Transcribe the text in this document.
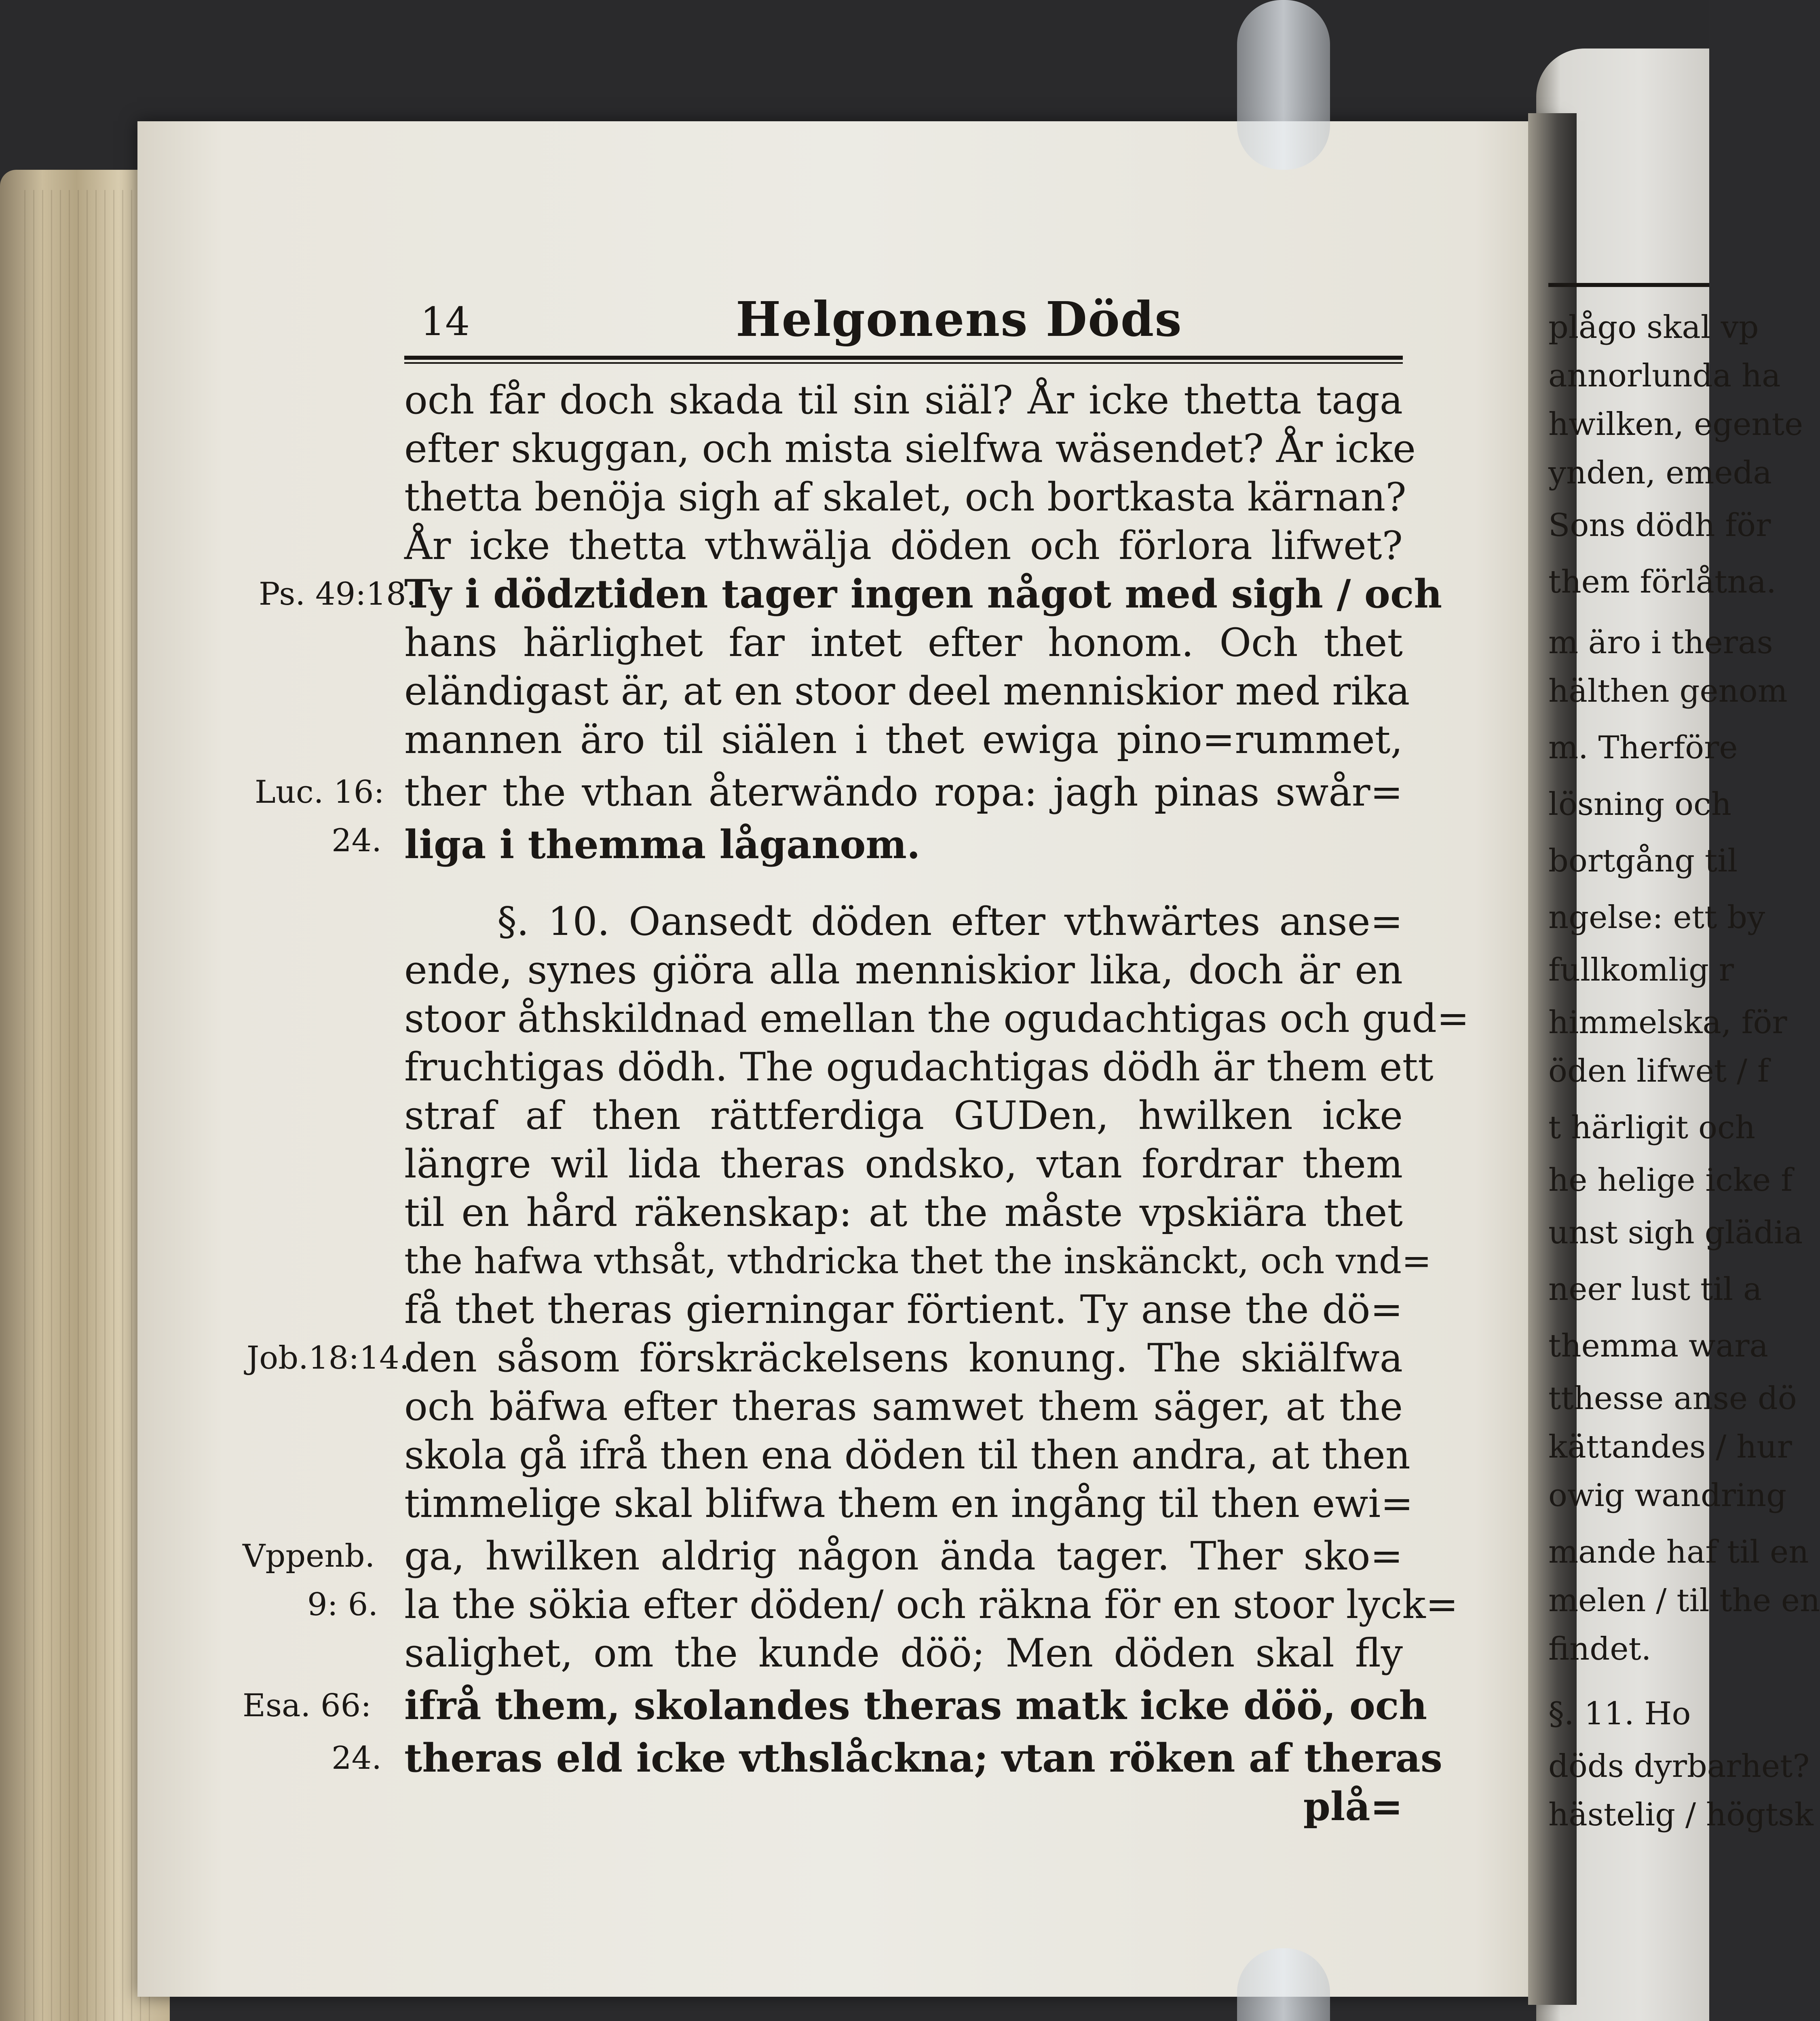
14	Helgonens Döds
och får doch skada til sin siäl? År icke thetta taga
efter skuggan, och mista sielfwa wäsendet? År icke
thetta benöja sigh af skalet, och bortkasta kärnan?
År icke thetta vthwälja döden och förlora lifwet?
Ty i dödztiden tager ingen något med sigh / och
hans härlighet far intet efter honom. Och thet
eländigast är, at en stoor deel menniskior med rika
mannen äro til siälen i thet ewiga pino=rummet,
ther the vthan återwändo ropa: jagh pinas swår=
liga i themma låganom.
§. 10. Oansedt döden efter vthwärtes anse=
ende, synes giöra alla menniskior lika, doch är en
stoor åthskildnad emellan the ogudachtigas och gud=
fruchtigas dödh. The ogudachtigas dödh är them ett
straf af then rättferdiga GUDen, hwilken icke
längre wil lida theras ondsko, vtan fordrar them
til en hård räkenskap: at the måste vpskiära thet
the hafwa vthsåt, vthdricka thet the inskänckt, och vnd=
få thet theras gierningar förtient. Ty anse the dö=
den såsom förskräckelsens konung. The skiälfwa
och bäfwa efter theras samwet them säger, at the
skola gå ifrå then ena döden til then andra, at then
timmelige skal blifwa them en ingång til then ewi=
ga, hwilken aldrig någon ända tager. Ther sko=
la the sökia efter döden/ och räkna för en stoor lyck=
salighet, om the kunde döö; Men döden skal fly
ifrå them, skolandes theras matk icke döö, och
theras eld icke vthslåckna; vtan röken af theras
plå=
Ps. 49:18.
Luc. 16:
24.
Job.18:14.
Vppenb.
9: 6.
Esa. 66:
24.
plågo skal vp
annorlunda ha
hwilken, egente
ynden, emeda
Sons dödh för
them förlåtna.
m äro i theras
hälthen genom
m. Therföre
lösning och
bortgång til
ngelse: ett by
fullkomlig r
himmelska, för
öden lifwet / f
t härligit och
he helige icke f
unst sigh glädia
neer lust til a
themma wara
tthesse anse dö
kättandes / hur
owig wandring
mande haf til en
melen / til the en
findet.
§. 11. Ho
döds dyrbarhet?
hästelig / högtsk
